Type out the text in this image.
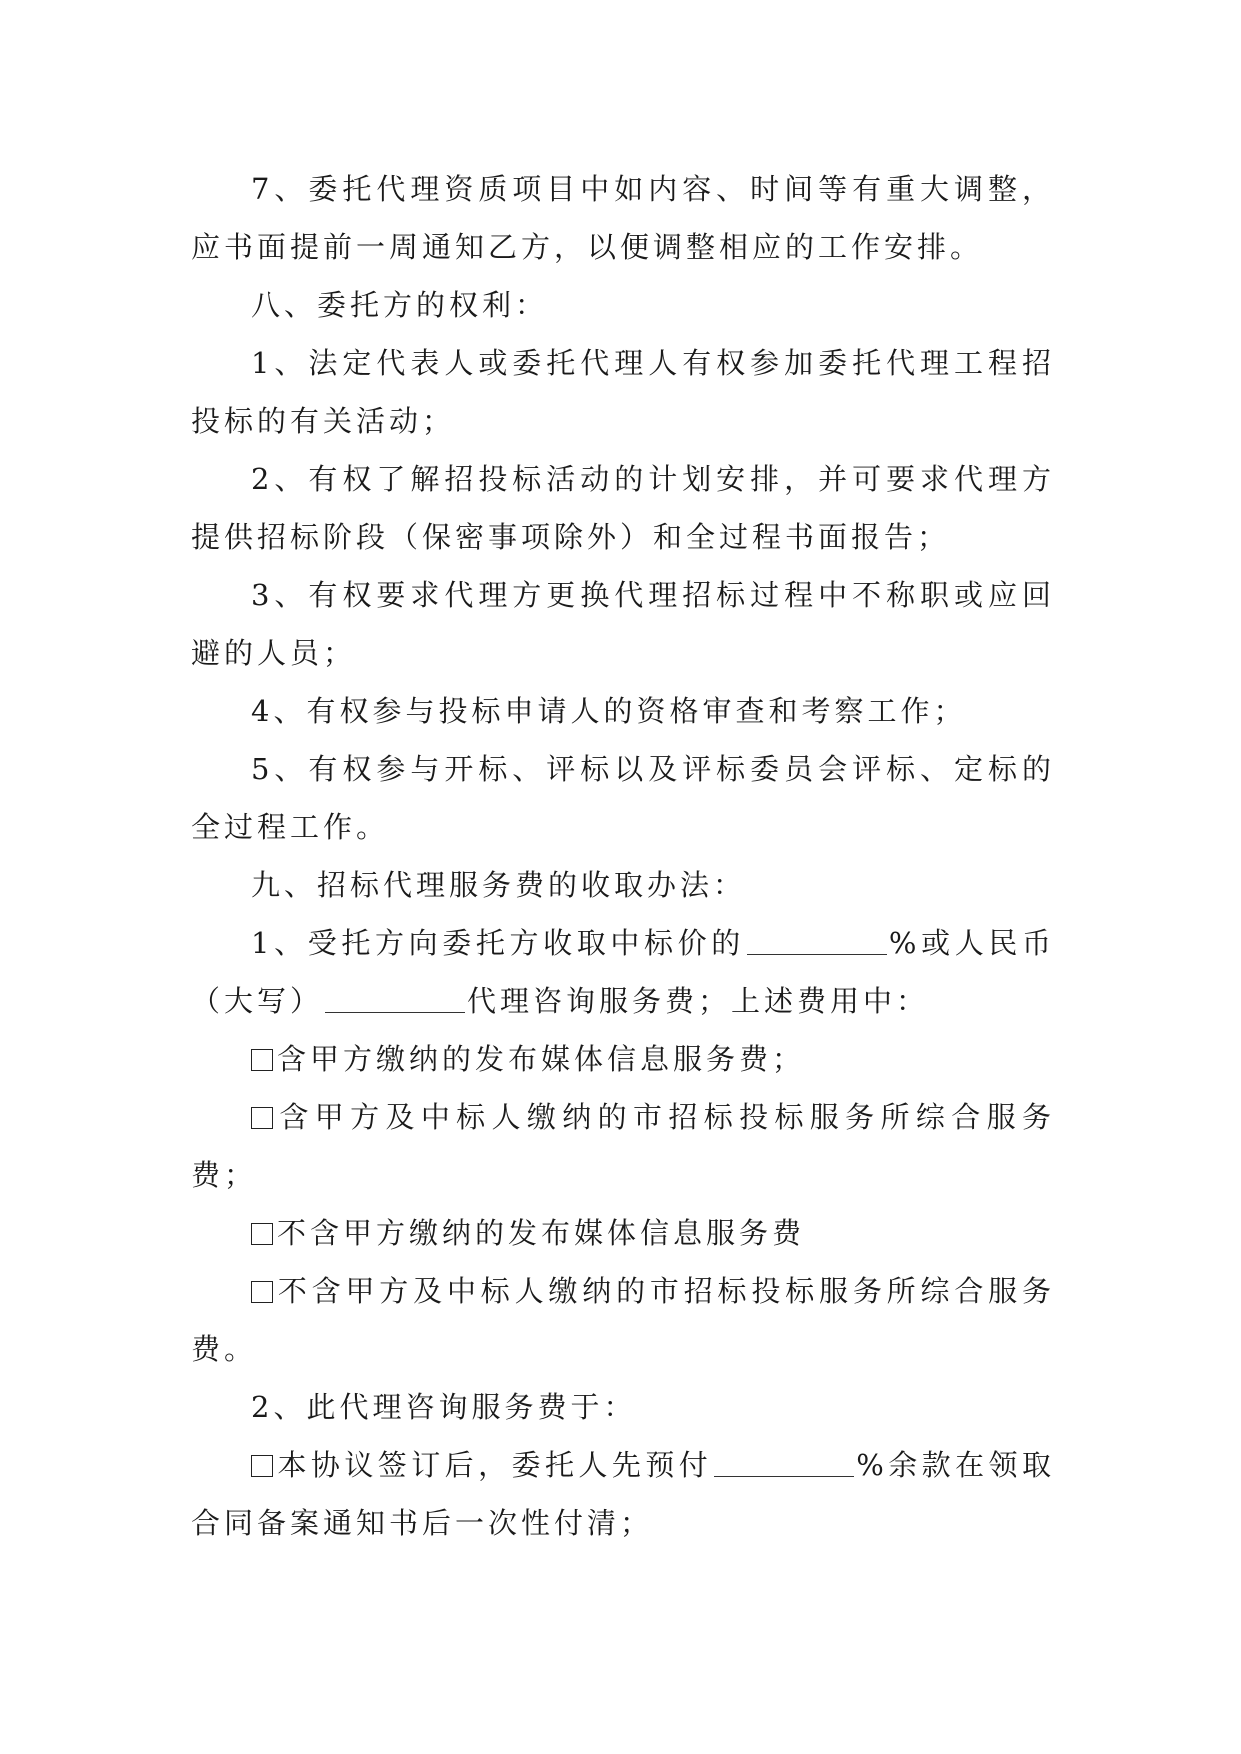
7、委托代理资质项目中如内容、时间等有重大调整，应书面提前一周通知乙方，以便调整相应的工作安排。

八、委托方的权利：

1、法定代表人或委托代理人有权参加委托代理工程招投标的有关活动；

2、有权了解招投标活动的计划安排，并可要求代理方提供招标阶段（保密事项除外）和全过程书面报告；

3、有权要求代理方更换代理招标过程中不称职或应回避的人员；

4、有权参与投标申请人的资格审查和考察工作；

5、有权参与开标、评标以及评标委员会评标、定标的全过程工作。

九、招标代理服务费的收取办法：

1、受托方向委托方收取中标价的	%或人民币（大写）	代理咨询服务费；上述费用中：

含甲方缴纳的发布媒体信息服务费；

含甲方及中标人缴纳的市招标投标服务所综合服务费；

不含甲方缴纳的发布媒体信息服务费

不含甲方及中标人缴纳的市招标投标服务所综合服务费。

2、此代理咨询服务费于：

本协议签订后，委托人先预付	%余款在领取合同备案通知书后一次性付清；
